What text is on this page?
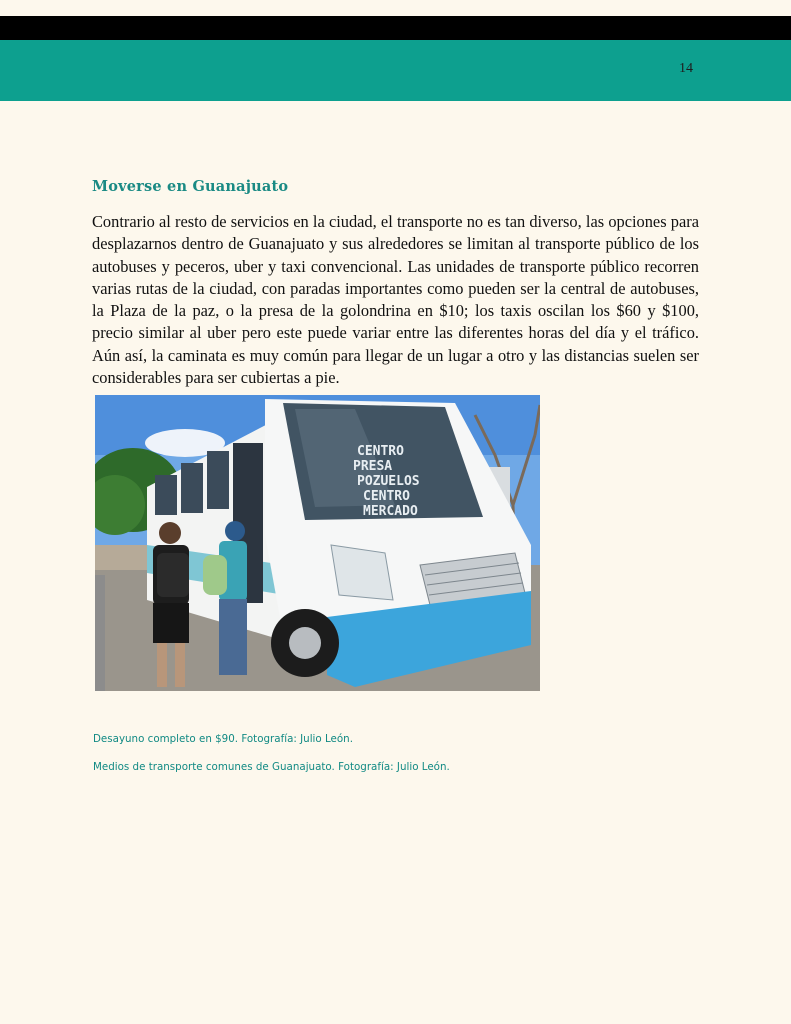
14
Moverse en Guanajuato

Contrario al resto de servicios en la ciudad, el transporte no es tan diverso, las opciones para desplazarnos dentro de Guanajuato y sus alrededores se limitan al transporte público de los autobuses y peceros, uber y taxi convencional. Las unidades de transporte público recorren varias rutas de la ciudad, con paradas importantes como pueden ser la central de autobuses, la Plaza de la paz, o la presa de la golondrina en $10; los taxis oscilan los $60 y $100, precio similar al uber pero este puede variar entre las diferentes horas del día y el tráfico. Aún así, la caminata es muy común para llegar de un lugar a otro y las distancias suelen ser considerables para ser cubiertas a pie.

CENTRO
PRESA
POZUELOS
CENTRO
MERCADO
Desayuno completo en $90. Fotografía: Julio León.
Medios de transporte comunes de Guanajuato. Fotografía: Julio León.
